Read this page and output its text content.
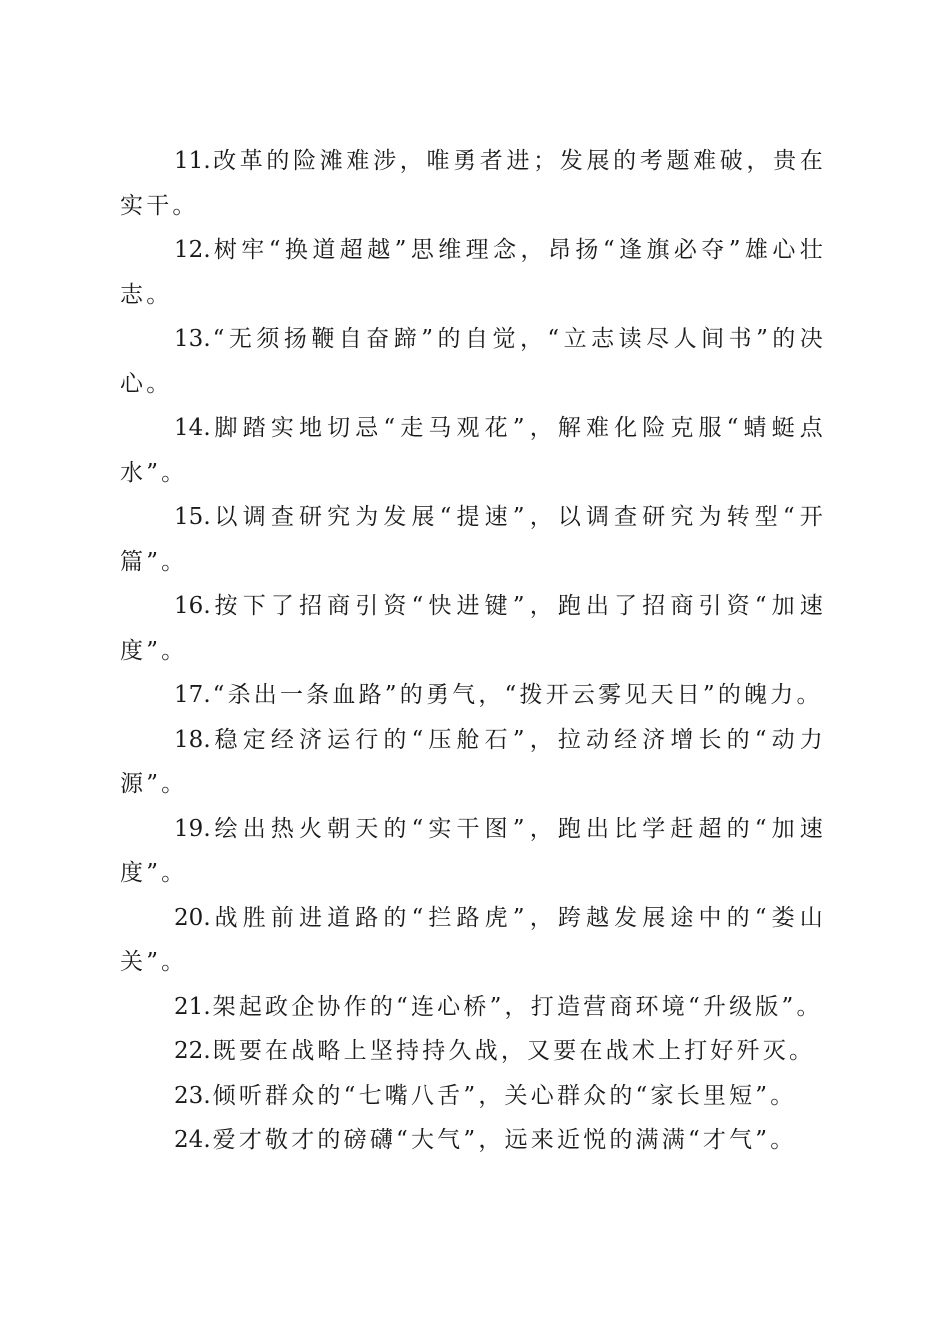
11.改革的险滩难涉，唯勇者进；发展的考题难破，贵在实干。

12.树牢“换道超越”思维理念，昂扬“逢旗必夺”雄心壮志。

13.“无须扬鞭自奋蹄”的自觉，“立志读尽人间书”的决心。

14.脚踏实地切忌“走马观花”，解难化险克服“蜻蜓点水”。

15.以调查研究为发展“提速”，以调查研究为转型“开篇”。

16.按下了招商引资“快进键”，跑出了招商引资“加速度”。

17.“杀出一条血路”的勇气，“拨开云雾见天日”的魄力。

18.稳定经济运行的“压舱石”，拉动经济增长的“动力源”。

19.绘出热火朝天的“实干图”，跑出比学赶超的“加速度”。

20.战胜前进道路的“拦路虎”，跨越发展途中的“娄山关”。

21.架起政企协作的“连心桥”，打造营商环境“升级版”。

22.既要在战略上坚持持久战，又要在战术上打好歼灭。

23.倾听群众的“七嘴八舌”，关心群众的“家长里短”。

24.爱才敬才的磅礴“大气”，远来近悦的满满“才气”。
